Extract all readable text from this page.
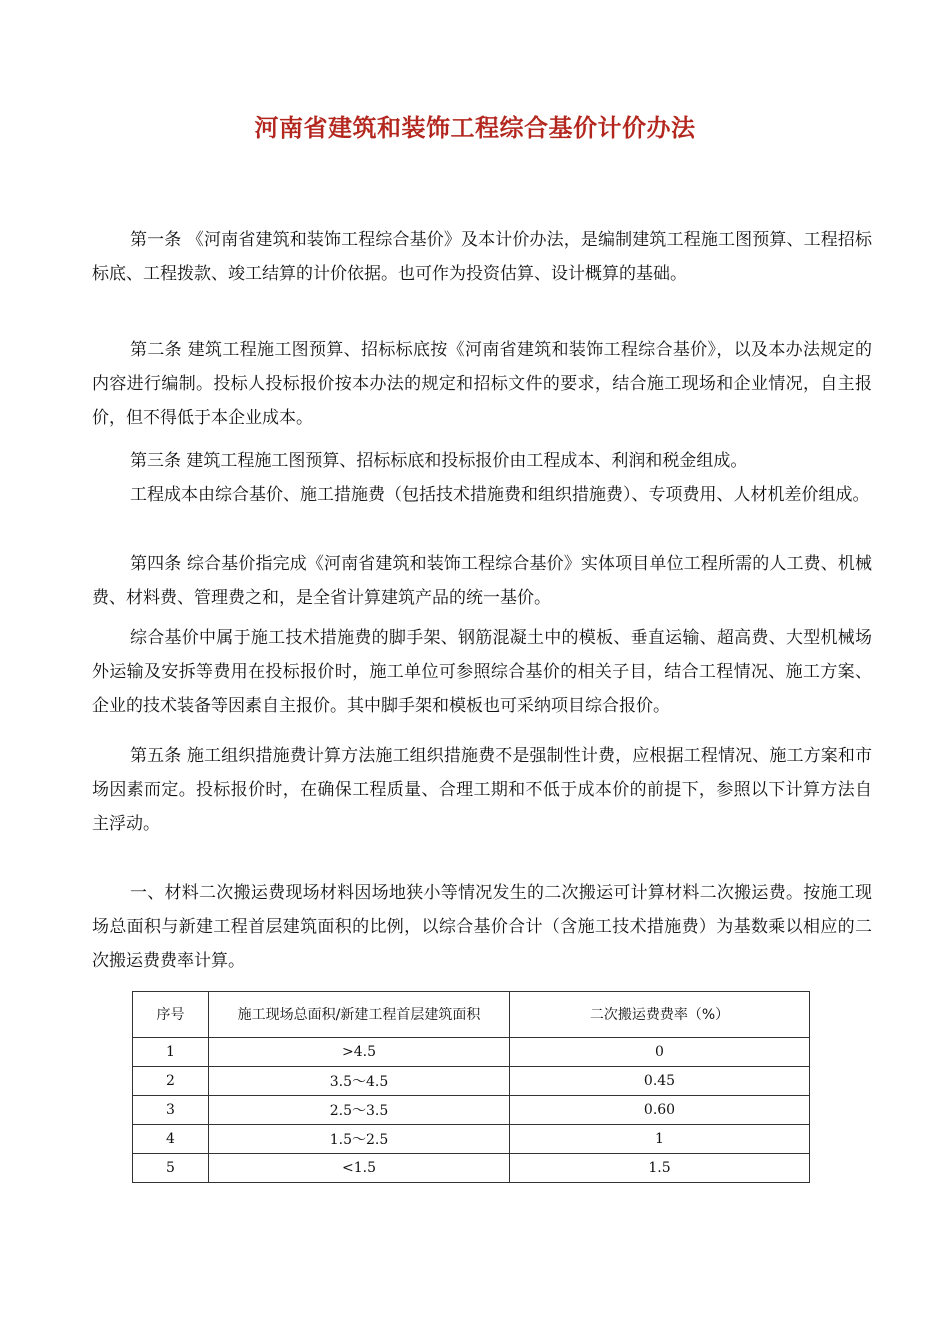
河南省建筑和装饰工程综合基价计价办法

第一条 《河南省建筑和装饰工程综合基价》及本计价办法，是编制建筑工程施工图预算、工程招标标底、工程拨款、竣工结算的计价依据。也可作为投资估算、设计概算的基础。

第二条 建筑工程施工图预算、招标标底按《河南省建筑和装饰工程综合基价》，以及本办法规定的内容进行编制。投标人投标报价按本办法的规定和招标文件的要求，结合施工现场和企业情况，自主报价，但不得低于本企业成本。

第三条 建筑工程施工图预算、招标标底和投标报价由工程成本、利润和税金组成。

工程成本由综合基价、施工措施费（包括技术措施费和组织措施费）、专项费用、人材机差价组成。

第四条 综合基价指完成《河南省建筑和装饰工程综合基价》实体项目单位工程所需的人工费、机械费、材料费、管理费之和，是全省计算建筑产品的统一基价。

综合基价中属于施工技术措施费的脚手架、钢筋混凝土中的模板、垂直运输、超高费、大型机械场外运输及安拆等费用在投标报价时，施工单位可参照综合基价的相关子目，结合工程情况、施工方案、企业的技术装备等因素自主报价。其中脚手架和模板也可采纳项目综合报价。

第五条 施工组织措施费计算方法施工组织措施费不是强制性计费，应根据工程情况、施工方案和市场因素而定。投标报价时，在确保工程质量、合理工期和不低于成本价的前提下，参照以下计算方法自主浮动。

一、材料二次搬运费现场材料因场地狭小等情况发生的二次搬运可计算材料二次搬运费。按施工现场总面积与新建工程首层建筑面积的比例，以综合基价合计（含施工技术措施费）为基数乘以相应的二次搬运费费率计算。

序号	施工现场总面积/新建工程首层建筑面积	二次搬运费费率（%）
1	>4.5	0
2	3.5～4.5	0.45
3	2.5～3.5	0.60
4	1.5～2.5	1
5	<1.5	1.5
